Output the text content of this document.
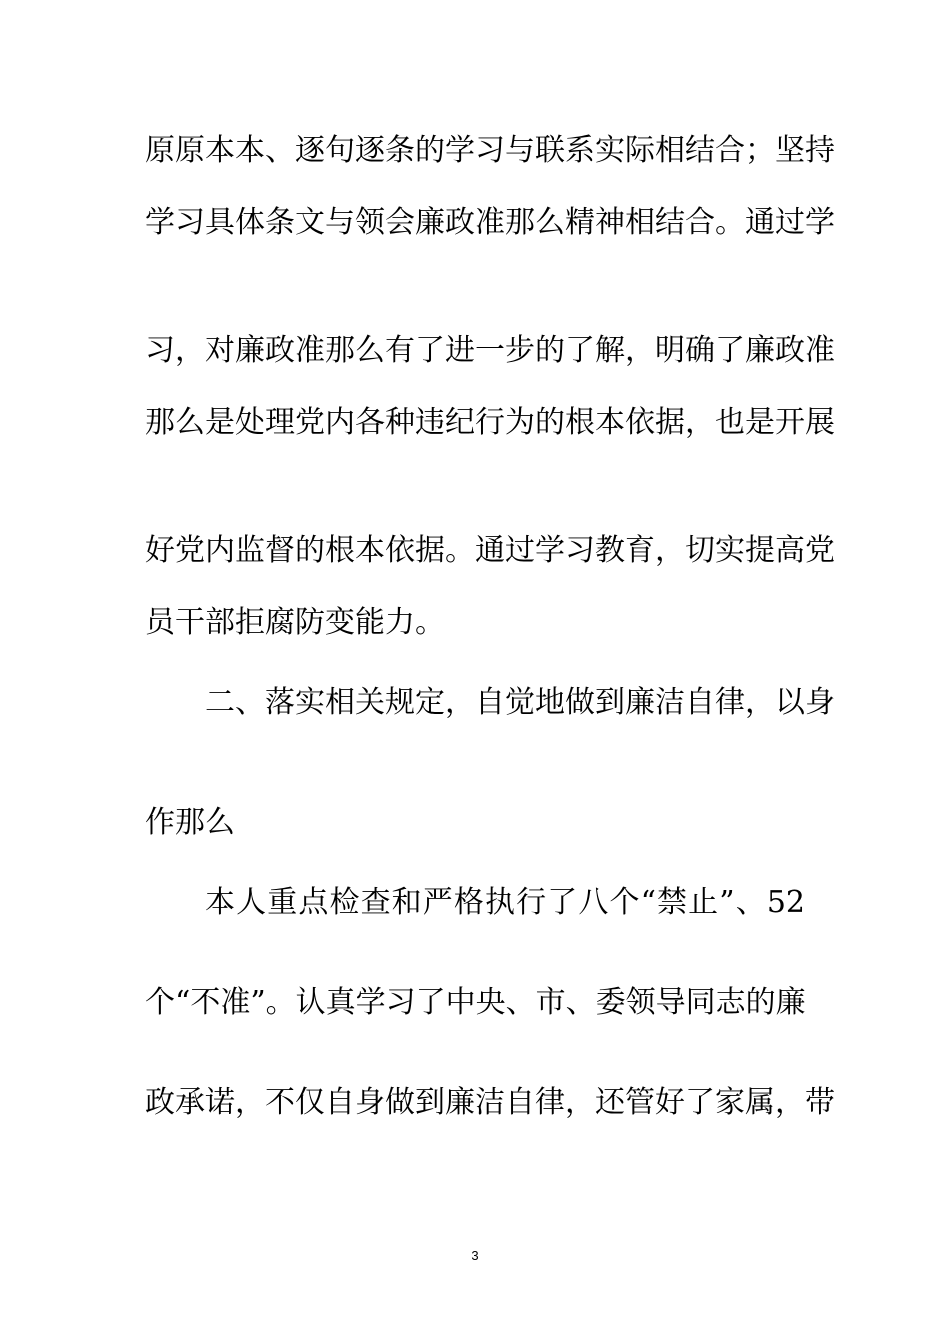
原原本本、逐句逐条的学习与联系实际相结合；坚持
学习具体条文与领会廉政准那么精神相结合。通过学
习，对廉政准那么有了进一步的了解，明确了廉政准
那么是处理党内各种违纪行为的根本依据，也是开展
好党内监督的根本依据。通过学习教育，切实提高党
员干部拒腐防变能力。
二、落实相关规定，自觉地做到廉洁自律，以身
作那么
本人重点检查和严格执行了八个“禁止”、52
个“不准”。认真学习了中央、市、委领导同志的廉
政承诺，不仅自身做到廉洁自律，还管好了家属，带
3
